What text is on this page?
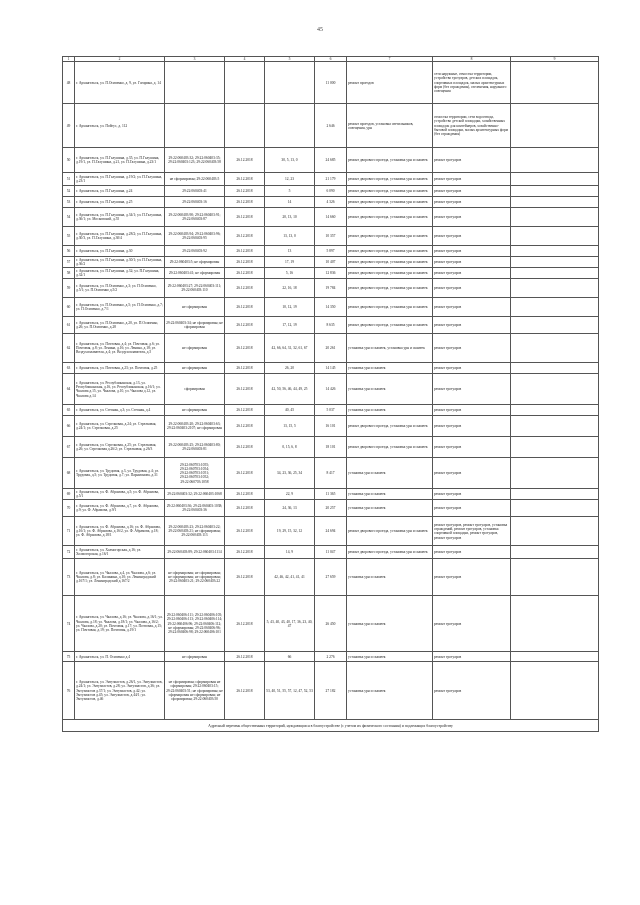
45
1	2	3	4	5	6	7	8	9
48	г. Архангельск, ул. П.Осипенко, д. 9, ул. Гагарина, д. 14				11 000	ремонт проездов	сети наружные, отмостка территории, устройство тротуаров, детских площадок, спортивных площадок, малых архитектурных форм (без ограждения), озеленения, наружного освещения	
49	г. Архангельск, ул. Пойгус, д. 112				2 646	ремонт проездов, установка светильников, освещения, урн	отмостка территории, сети водоотвода, устройство детской площадки, хозяйственных площадок для контейнеров, хозяйственно-бытовой площадки, малых архитектурных форм (без ограждения)	
50	г. Архангельск, ул. П.Галушина, д.35, ул. П.Галушина, д.19/1, ул. П.Галушина, д.21, ул. П.Галушина, д.23/1	29:22:060403:32; 29:22:060403:35; 29:22:060403:123; 29:22:060403:58	26.12.2018	30, 5, 13, 0	24 685	ремонт дворового проезда, установка урн и скамеек	ремонт тротуаров	
51	г. Архангельск, ул. П.Галушина, д.19/2; ул. П.Галушина, д.23/1	не сформирован; 29:22:060403:5	26.12.2018	12, 23	21 179	ремонт дворового проезда, установка урн и скамеек	ремонт тротуаров	
52	г. Архангельск, ул. П.Галушина, д.24	29:22:060403:41	26.12.2018	5	6 090	ремонт дворового проезда, установка урн и скамеек	ремонт тротуаров	
53	г. Архангельск, ул. П.Галушина, д.25	29:22:060403:16	26.12.2018	14	4 326	ремонт дворового проезда, установка урн и скамеек	ремонт тротуаров	
54	г. Архангельск, ул. П.Галушина, д.34/1; ул. П.Галушина, д.36/1; ул. Московский, д.55	29:22:060403:90; 29:22:060403:91; 29:22:060403:87	26.12.2018	20, 13, 10	14 660	ремонт дворового проезда, установка урн и скамеек	ремонт тротуаров	
55	г. Архангельск, ул. П.Галушина, д.28/2; ул. П.Галушина, д.30/3, ул. П.Галушина, д.30/4	29:22:060403:94; 29:22:060403:96; 29:22:060403:95	26.12.2018	13, 13, 0	10 357	ремонт дворового проезда, установка урн и скамеек	ремонт тротуаров	
56	г. Архангельск, ул. П.Галушина, д.30	29:22:060403:92	26.12.2018	13	5 897	ремонт дворового проезда, установка урн и скамеек	ремонт тротуаров	
57	г. Архангельск, ул. П.Галушина, д.30/1; ул. П.Галушина, д.36/2	29:22:060403:5; не сформирован	26.12.2018	17, 19	10 407	ремонт дворового проезда, установка урн и скамеек	ремонт тротуаров	
58	г. Архангельск, ул. П.Галушина, д.32; ул. П.Галушина, д.32/1	29:22:060403:41; не сформирован	26.12.2018	5, 16	12 836	ремонт дворового проезда, установка урн и скамеек	ремонт тротуаров	
59	г. Архангельск, ул. П.Осипенко, д.3; ул. П.Осипенко, д.5/1; ул. П.Осипенко д.5/2	29:22:060403:27; 29:22:060403:111; 29:22:060403:110	26.12.2018	22, 16, 18	19 784	ремонт дворового проезда, установка урн и скамеек	ремонт тротуаров	
60	г. Архангельск, ул. П.Осипенко, д.5; ул. П.Осипенко, д.7; ул. П.Осипенко, д.7/1	не сформирован	26.12.2018	10, 12, 19	14 350	ремонт дворового проезда, установка урн и скамеек	ремонт тротуаров	
61	г. Архангельск, ул. П.Осипенко, д.20, ул. П.Осипенко, д.26; ул. П.Осипенко, д.28	29:22:060403:34; не сформирован; не сформирован	26.12.2018	17, 12, 19	8 635	ремонт дворового проезда, установка урн и скамеек	ремонт тротуаров	
62	г. Архангельск, ул. Почтовая, д.4; ул. Почтовая, д.6; ул. Почтовая, д.8; ул. Ленина, д.16; ул. Ленина, д.18; ул. Воздухоплавателя, д.4; ул. Воздухоплавателя, д.5	не сформирован	26.12.2018	42, 66, 64, 31, 32, 61, 67	20 261	установка урн и скамеек, установка урн и скамеек	ремонт тротуаров	
63	г. Архангельск, ул. Почтовая, д.23; ул. Почтовая, д.25	не сформирован	26.12.2018	26, 20	14 145	установка урн и скамеек	ремонт тротуаров	
64	г. Архангельск, ул. Республиканская, д.13, ул. Республиканская, д.16, ул. Республиканская, д.16/1; ул. Чкалова д.15, ул. Чкалова, д.10, ул. Чкалова д.12, ул. Чкалова д.14	сформирован	26.12.2018	42, 50, 56, 46, 44, 49, 25	14 426	установка урн и скамеек	ремонт тротуаров	
65	г. Архангельск, ул. Степная, д.3; ул. Степная, д.4	не сформирован	26.12.2018	40, 45	5 037	установка урн и скамеек	ремонт тротуаров	
66	г. Архангельск, ул. Стрелковая, д.24; ул. Стрелковая, д.24/1; ул. Стрелковая, д.25	29:22:060403:20; 29:22:060403:63; 29:22:060403:2107; не сформирован	26.12.2018	13, 15, 5	16 101	ремонт дворового проезда, установка урн и скамеек	ремонт тротуаров	
67	г. Архангельск, ул. Стрелковая, д.25; ул. Стрелковая, д.26; ул. Стрелковая д.26/2; ул. Стрелковая, д.26/3	29:22:060403:25; 29:22:060403:80; 29:22:060403:81	26.12.2018	0, 15, 6, 8	18 101	ремонт дворового проезда, установка урн и скамеек	ремонт тротуаров	
68	г. Архангельск, ул. Трудовая, д.3, ул. Трудовая, д.4; ул. Трудовая, д.5; ул. Трудовая, д.7; ул. Парнмонова, д.31	29:22:060703:1055; 29:22:060703:1054; 29:22:060703:1051; 29:22:060703:1052; 29:22:060703:1058	26.12.2018	34, 23, 36, 25, 34	8 417	установка урн и скамеек	ремонт тротуаров	
69	г. Архангельск, ул. Ф. Абрамова, д.5; ул. Ф. Абрамова, д.5/1	29:22:060403:32; 29:22:060403:1068	26.12.2018	22, 9	11 365	установка урн и скамеек	ремонт тротуаров	
70	г. Архангельск, ул. Ф. Абрамова, д.7, ул. Ф. Абрамова, д.9; ул. Ф. Абрамова, д.9/1	29:22:060403:36; 29:22:060403:1038; 29:22:060403:36	26.12.2018	24, 36, 13	20 257	установка урн и скамеек	ремонт тротуаров	
71	г. Архангельск, ул. Ф. Абрамова, д.16; ул. Ф. Абрамова, д.16/1; ул. Ф. Абрамова, д.16/2, ул. Ф. Абрамова, д.18; ул. Ф. Абрамова, д.18/1	29:22:060403:23; 29:22:060403:22; 29:22:060403:21; не сформирован; 29:22:060403:113	26.12.2018	19, 29, 15, 32, 12	24 694	ремонт дворового проезда, установка урн и скамеек	ремонт тротуаров, ремонт тротуаров, установка ограждений, ремонт тротуаров, установка спортивной площадки, ремонт тротуаров, ремонт тротуаров	
72	г. Архангельск, ул. Холмогорская, д.16; ул. Холмогорская, д.16/1	29:22:060403:89; 29:22:060403:1114	26.12.2018	14, 9	11 047	ремонт дворового проезда, установка урн и скамеек	ремонт тротуаров	
73	г. Архангельск, ул. Чкалова, д.4, ул. Чкалова, д.6; ул. Чкалова, д.8; ул. Калинина, д.10; ул. Ленинградский д.167/1; ул. Ленинградский д.167/2	не сформирован; не сформирован; не сформирован; не сформирован; 29:22:060403:21; 29:22:060403:22	26.12.2018	42, 46, 42, 41, 41, 41	27 659	установка урн и скамеек	ремонт тротуаров	
74	г. Архангельск, ул. Чкалова, д.16; ул. Чкалова, д.16/1; ул. Чкалова, д.18; ул. Чкалова, д.18/1; ул. Чкалова, д.16/2; ул. Чкалова, д.20; ул. Почтовая, д.17; ул. Почтовая, д.15; ул. Почтовая, д.19; ул. Почтовая, д.19/1	29:22:060406:111; 29:22:060406:105; 29:22:060406:113; 29:22:060406:114; 29:22:060406:96; 29:22:060406:112; не сформирован; 29:22:060406:96; 29:22:060406:98; 29:22:060406:101	26.12.2018	5, 43, 40, 43, 40, 17, 36, 23, 40, 47	26 450	установка урн и скамеек	ремонт тротуаров	
75	г. Архангельск, ул. П. Осипенко д.4	не сформирован	26.12.2018	66	2 276	установка урн и скамеек	ремонт тротуаров	
76	г. Архангельск, ул. Энтузиастов, д.26/1, ул. Энтузиастов, д.24/1; ул. Энтузиастов, д.28; ул. Энтузиастов, д.36; ул. Энтузиастов д.37/1; ул. Энтузиастов, д.42; ул. Энтузиастов д.45; ул. Энтузиастов, д.44/1; ул. Энтузиастов, д.46	не сформирован; сформирован не сформирован; 29:22:060403:15; 29:22:060403:51; не сформирован; не сформирован не сформирован; не сформирован; 29:22:060403:50	26.12.2018	53, 40, 51, 55, 57, 12, 47, 52, 53	27 182	установка урн и скамеек	ремонт тротуаров	
Адресный перечень общественных территорий, нуждающихся в благоустройстве (с учетом их физического состояния) и подлежащих благоустройству								
